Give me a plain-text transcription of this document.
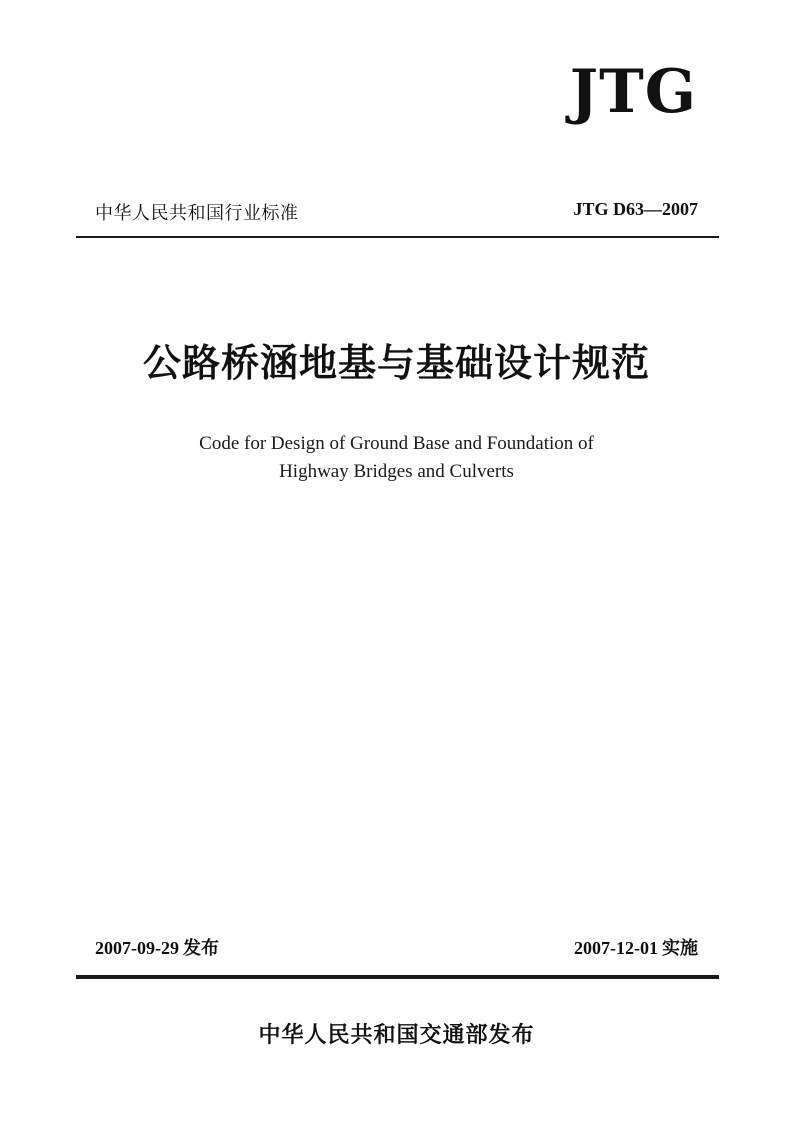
JTG
中华人民共和国行业标准	JTG D63—2007
公路桥涵地基与基础设计规范
Code for Design of Ground Base and Foundation of
Highway Bridges and Culverts
2007-09-29 发布	2007-12-01 实施
中华人民共和国交通部发布
